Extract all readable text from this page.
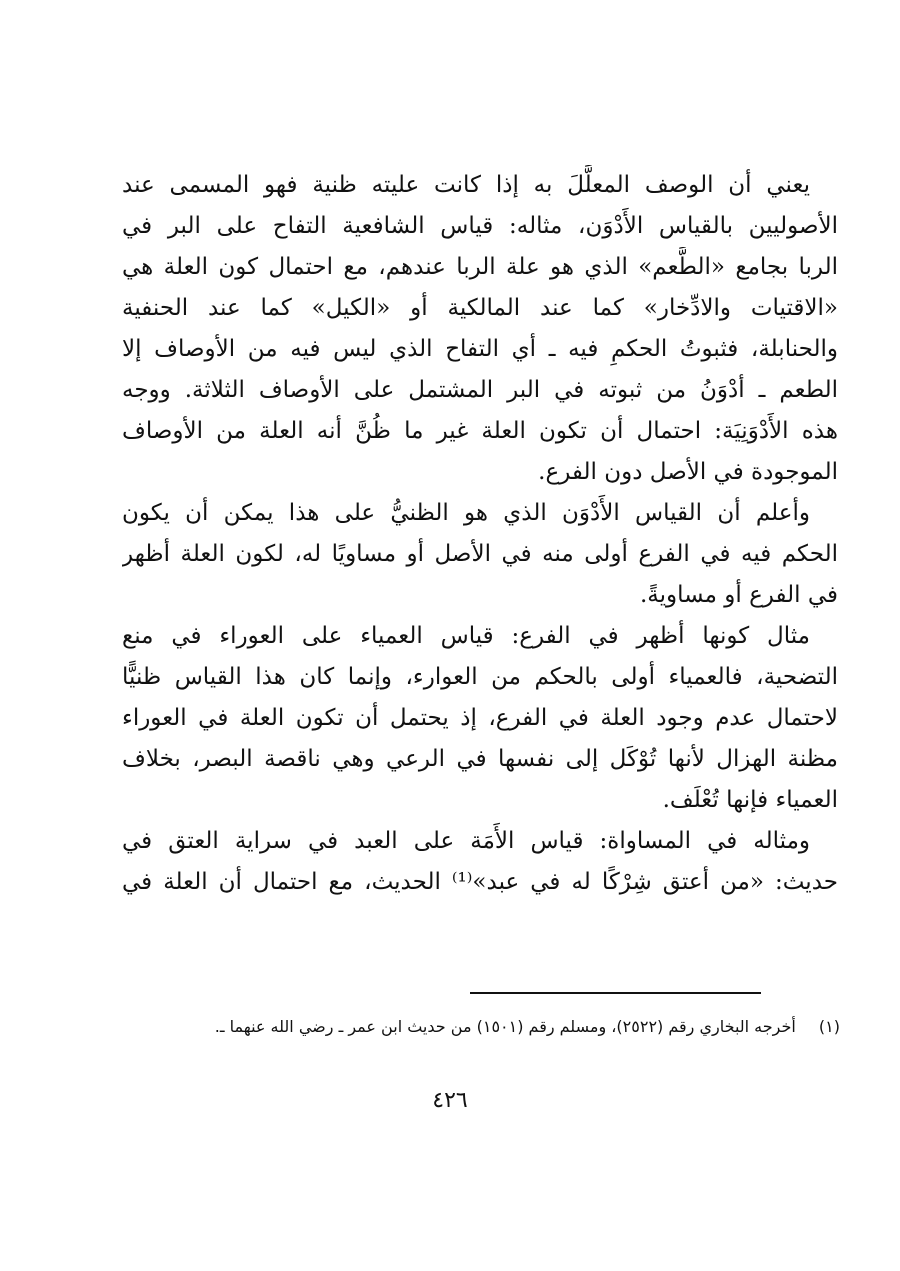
يعني أن الوصف المعلَّلَ به إذا كانت عليته ظنية فهو المسمى عند
الأصوليين بالقياس الأَدْوَن، مثاله: قياس الشافعية التفاح على البر في
الربا بجامع «الطَّعم» الذي هو علة الربا عندهم، مع احتمال كون العلة هي
«الاقتيات والادِّخار» كما عند المالكية أو «الكيل» كما عند الحنفية
والحنابلة، فثبوتُ الحكمِ فيه ـ أي التفاح الذي ليس فيه من الأوصاف إلا
الطعم ـ أدْوَنُ من ثبوته في البر المشتمل على الأوصاف الثلاثة. ووجه
هذه الأَدْوَنِيَة: احتمال أن تكون العلة غير ما ظُنَّ أنه العلة من الأوصاف
الموجودة في الأصل دون الفرع.
وأعلم أن القياس الأَدْوَن الذي هو الظنيُّ على هذا يمكن أن يكون
الحكم فيه في الفرع أولى منه في الأصل أو مساويًا له، لكون العلة أظهر
في الفرع أو مساويةً.
مثال كونها أظهر في الفرع: قياس العمياء على العوراء في منع
التضحية، فالعمياء أولى بالحكم من العوارء، وإنما كان هذا القياس ظنيًّا
لاحتمال عدم وجود العلة في الفرع، إذ يحتمل أن تكون العلة في العوراء
مظنة الهزال لأنها تُوْكَل إلى نفسها في الرعي وهي ناقصة البصر، بخلاف
العمياء فإنها تُعْلَف.
ومثاله في المساواة: قياس الأَمَة على العبد في سراية العتق في
حديث: «من أعتق شِرْكًا له في عبد»⁽¹⁾ الحديث، مع احتمال أن العلة في
(١) أخرجه البخاري رقم (٢٥٢٢)، ومسلم رقم (١٥٠١) من حديث ابن عمر ـ رضي الله عنهما ـ.
٤٢٦
